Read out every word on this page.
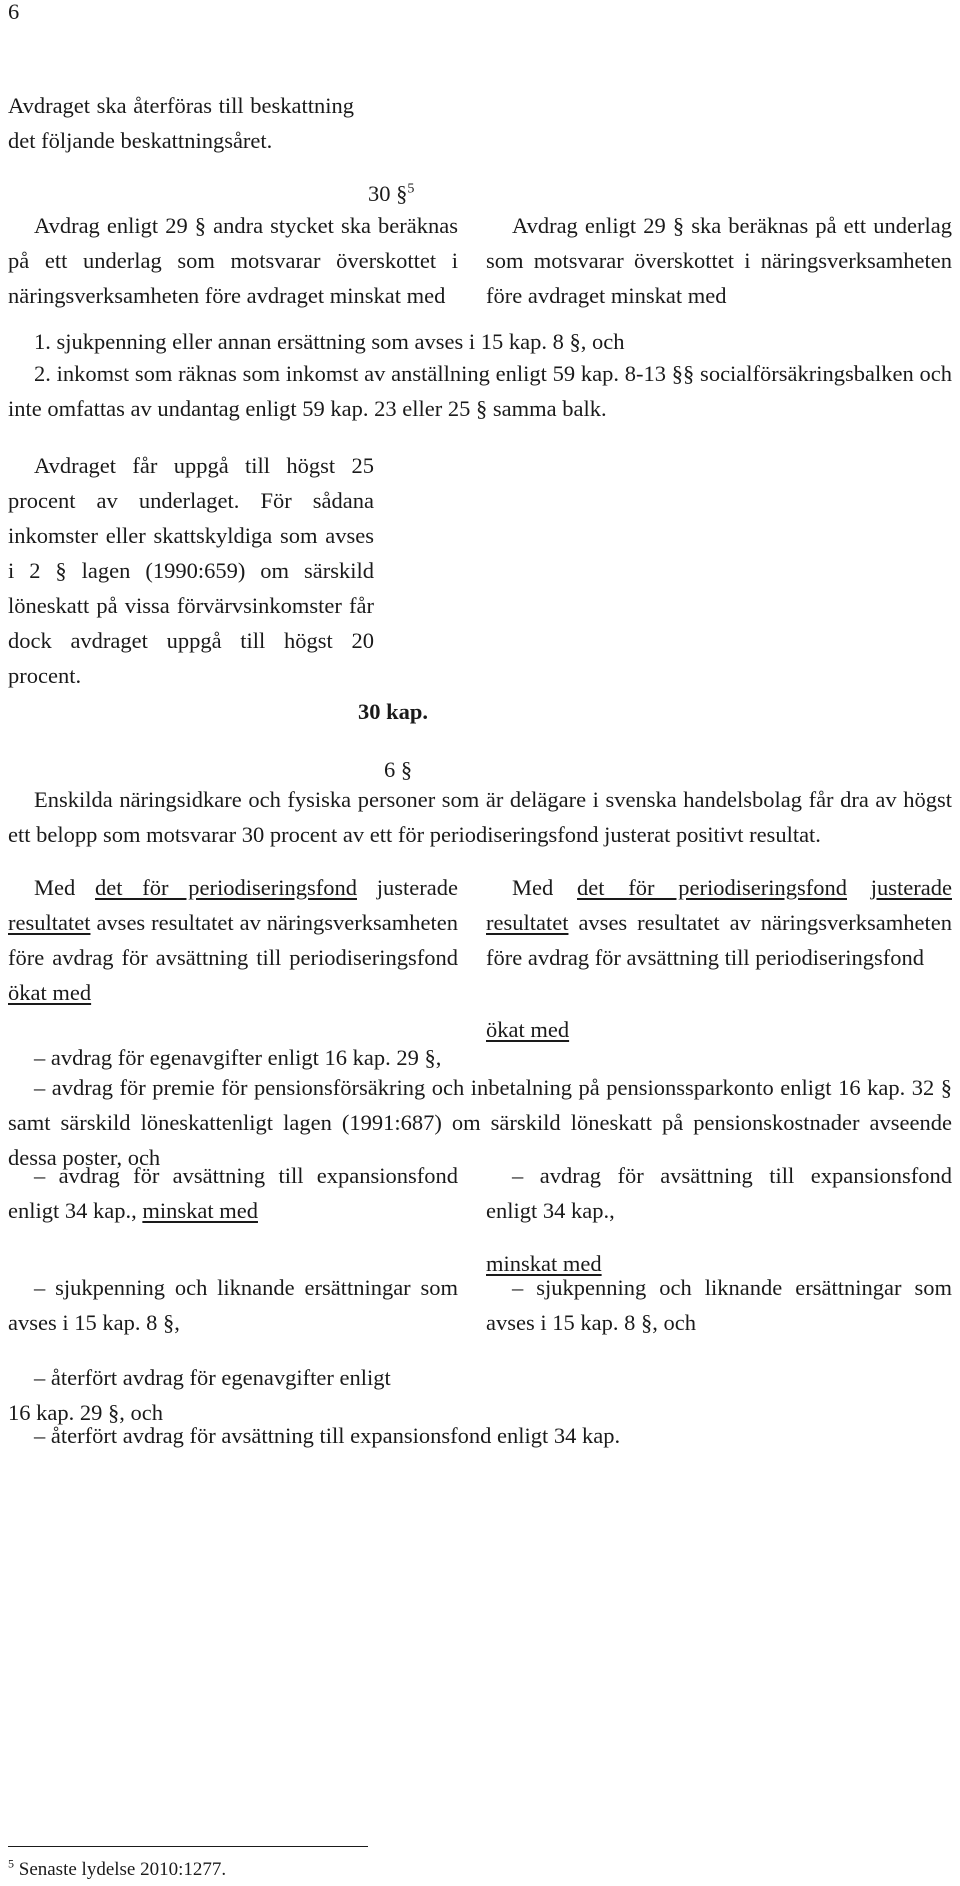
6

Avdraget ska återföras till beskattning det följande beskattningsåret.

30 §$^5$

Avdrag enligt 29 § andra stycket ska beräknas på ett underlag som motsvarar överskottet i näringsverksamheten före avdraget minskat med

Avdrag enligt 29 § ska beräknas på ett underlag som motsvarar överskottet i näringsverksamheten före avdraget minskat med

1. sjukpenning eller annan ersättning som avses i 15 kap. 8 §, och

2. inkomst som räknas som inkomst av anställning enligt 59 kap. 8-13 §§ socialförsäkringsbalken och inte omfattas av undantag enligt 59 kap. 23 eller 25 § samma balk.

Avdraget får uppgå till högst 25 procent av underlaget. För sådana inkomster eller skattskyldiga som avses i 2 § lagen (1990:659) om särskild löneskatt på vissa förvärvsinkomster får dock avdraget uppgå till högst 20 procent.

30 kap.
6 §

Enskilda näringsidkare och fysiska personer som är delägare i svenska handelsbolag får dra av högst ett belopp som motsvarar 30 procent av ett för periodiseringsfond justerat positivt resultat.

Med det för periodiseringsfond justerade resultatet avses resultatet av näringsverksamheten före avdrag för avsättning till periodiseringsfond ökat med

Med det för periodiseringsfond justerade resultatet avses resultatet av näringsverksamheten före avdrag för avsättning till periodiseringsfond

ökat med

– avdrag för egenavgifter enligt 16 kap. 29 §,

– avdrag för premie för pensionsförsäkring och inbetalning på pensionssparkonto enligt 16 kap. 32 § samt särskild löneskattenligt lagen (1991:687) om särskild löneskatt på pensionskostnader avseende dessa poster, och

– avdrag för avsättning till expansionsfond enligt 34 kap., minskat med

– avdrag för avsättning till expansionsfond enligt 34 kap.,

minskat med

– sjukpenning och liknande ersättningar som avses i 15 kap. 8 §,

– sjukpenning och liknande ersättningar som avses i 15 kap. 8 §, och

– återfört avdrag för egenavgifter enligt 16 kap. 29 §, och

– återfört avdrag för avsättning till expansionsfond enligt 34 kap.

$^5$ Senaste lydelse 2010:1277.
